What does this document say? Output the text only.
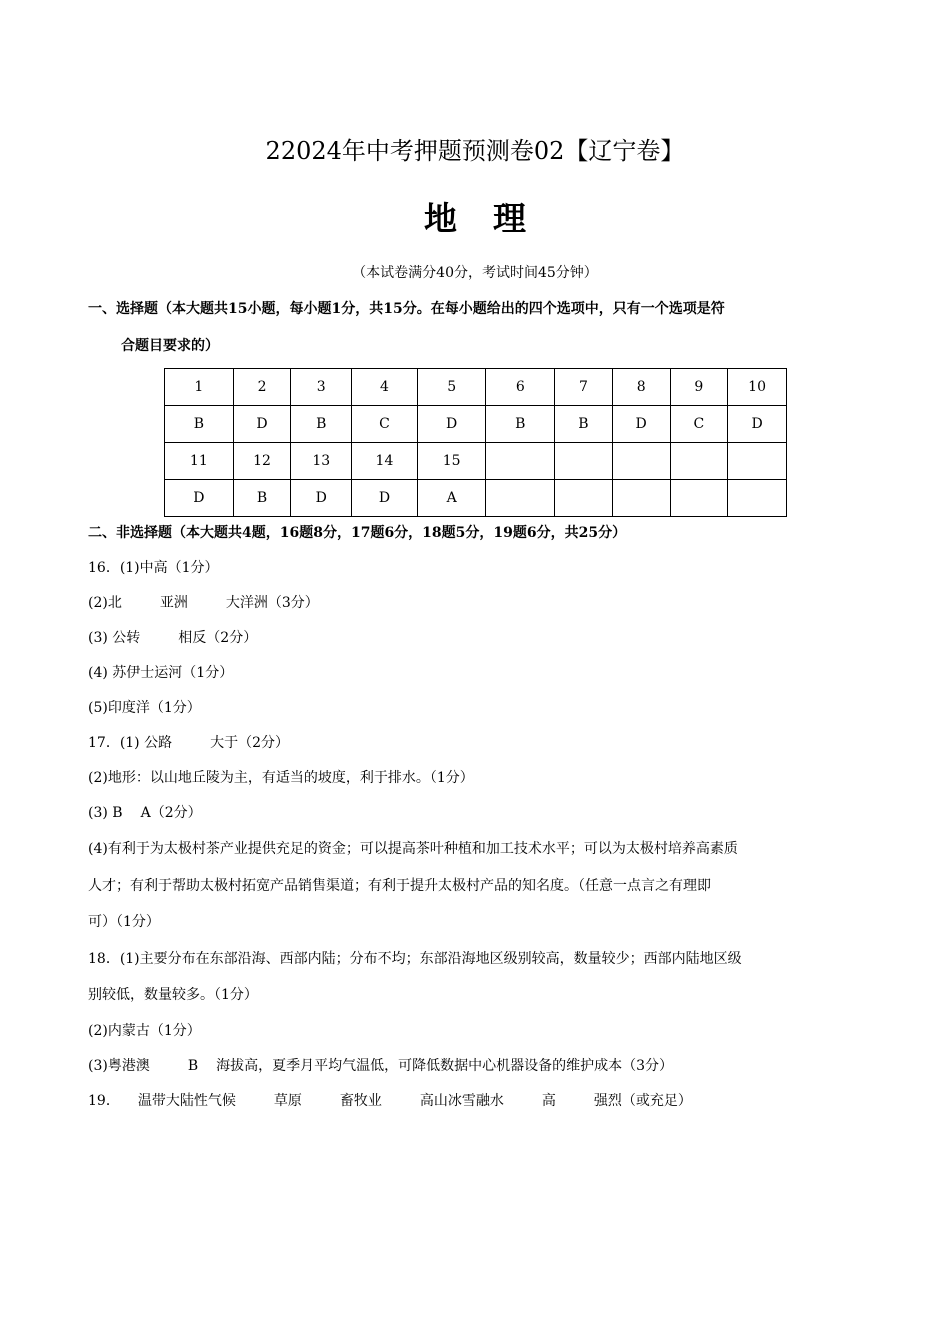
22024年中考押题预测卷02【辽宁卷】
地理
（本试卷满分40分，考试时间45分钟）
一、选择题（本大题共15小题，每小题1分，共15分。在每小题给出的四个选项中，只有一个选项是符
合题目要求的）
1	2	3	4	5	6	7	8	9	10
B	D	B	C	D	B	B	D	C	D
11	12	13	14	15					
D	B	D	D	A					
二、非选择题（本大题共4题，16题8分，17题6分，18题5分，19题6分，共25分）
16．(1)中高（1分）
(2)北	亚洲	大洋洲（3分）
(3) 公转	相反（2分）
(4) 苏伊士运河（1分）
(5)印度洋（1分）
17．(1) 公路	大于（2分）
(2)地形：以山地丘陵为主，有适当的坡度，利于排水。（1分）
(3) B A（2分）
(4)有利于为太极村茶产业提供充足的资金；可以提高茶叶种植和加工技术水平；可以为太极村培养高素质
人才；有利于帮助太极村拓宽产品销售渠道；有利于提升太极村产品的知名度。（任意一点言之有理即
可）（1分）
18．(1)主要分布在东部沿海、西部内陆；分布不均；东部沿海地区级别较高，数量较少；西部内陆地区级
别较低，数量较多。（1分）
(2)内蒙古（1分）
(3)粤港澳	B 海拔高，夏季月平均气温低，可降低数据中心机器设备的维护成本（3分）
19． 温带大陆性气候	草原	畜牧业	高山冰雪融水	高	强烈（或充足）
